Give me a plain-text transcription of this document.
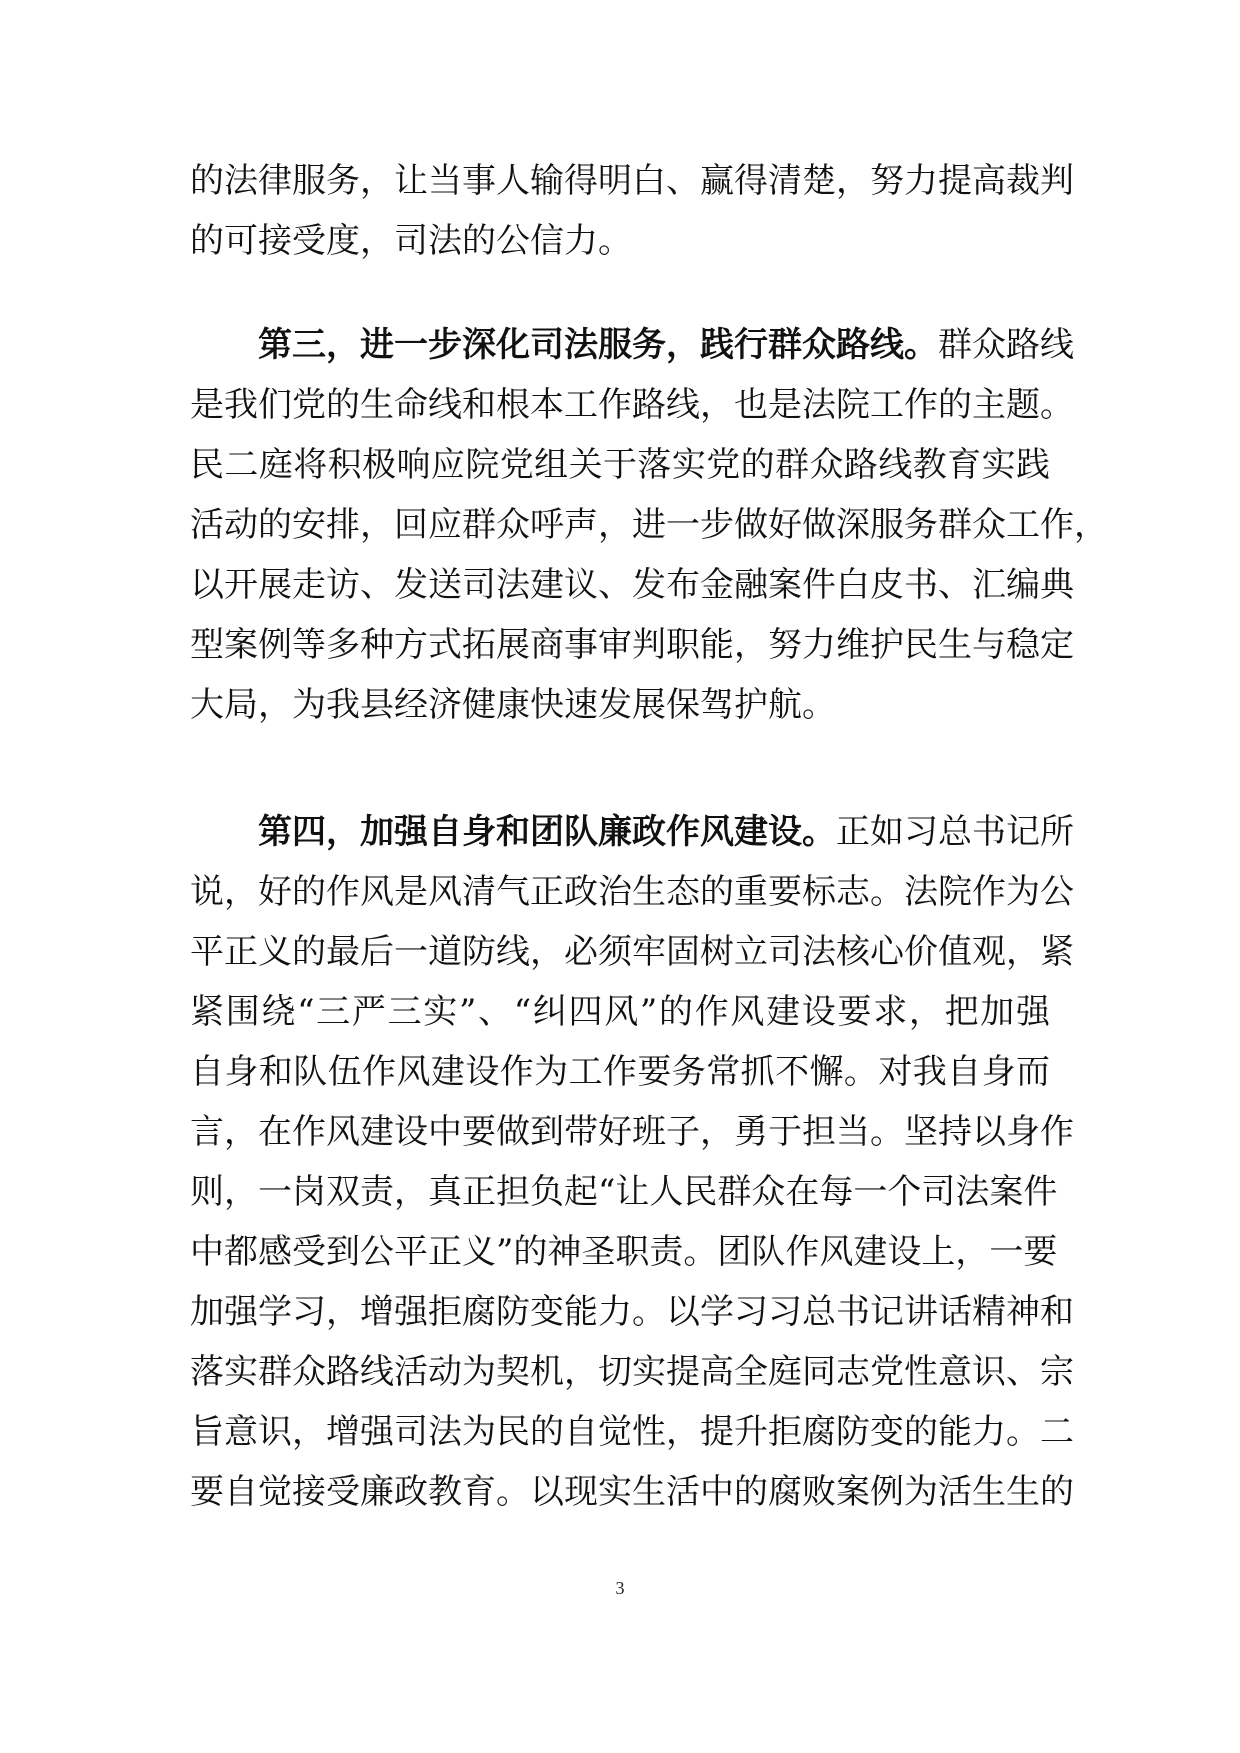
的法律服务，让当事人输得明白、赢得清楚，努力提高裁判
的可接受度，司法的公信力。
第三，进一步深化司法服务，践行群众路线。群众路线
是我们党的生命线和根本工作路线，也是法院工作的主题。
民二庭将积极响应院党组关于落实党的群众路线教育实践
活动的安排，回应群众呼声，进一步做好做深服务群众工作，
以开展走访、发送司法建议、发布金融案件白皮书、汇编典
型案例等多种方式拓展商事审判职能，努力维护民生与稳定
大局，为我县经济健康快速发展保驾护航。
第四，加强自身和团队廉政作风建设。正如习总书记所
说，好的作风是风清气正政治生态的重要标志。法院作为公
平正义的最后一道防线，必须牢固树立司法核心价值观，紧
紧围绕“三严三实”、“纠四风”的作风建设要求，把加强
自身和队伍作风建设作为工作要务常抓不懈。对我自身而
言，在作风建设中要做到带好班子，勇于担当。坚持以身作
则，一岗双责，真正担负起“让人民群众在每一个司法案件
中都感受到公平正义”的神圣职责。团队作风建设上，一要
加强学习，增强拒腐防变能力。以学习习总书记讲话精神和
落实群众路线活动为契机，切实提高全庭同志党性意识、宗
旨意识，增强司法为民的自觉性，提升拒腐防变的能力。二
要自觉接受廉政教育。以现实生活中的腐败案例为活生生的
3
